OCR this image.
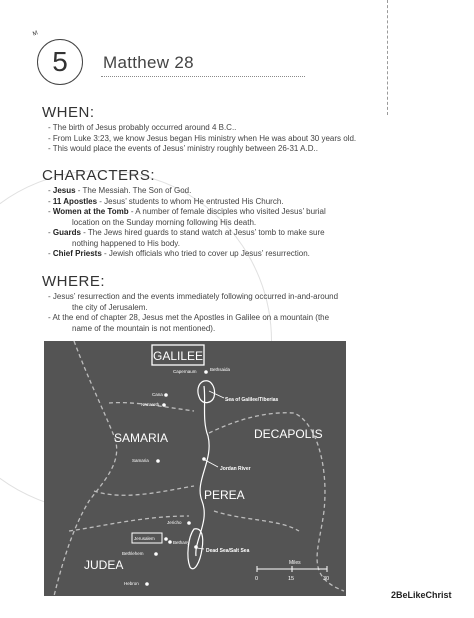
M
5 Matthew 28
WHEN:
- The birth of Jesus probably occurred around 4 B.C..
- From Luke 3:23, we know Jesus began His ministry when He was about 30 years old.
- This would place the events of Jesus’ ministry roughly between 26-31 A.D..
CHARACTERS:
- Jesus - The Messiah. The Son of God.
- 11 Apostles - Jesus’ students to whom He entrusted His Church.
- Women at the Tomb - A number of female disciples who visited Jesus’ burial
location on the Sunday morning following His death.
- Guards - The Jews hired guards to stand watch at Jesus’ tomb to make sure
nothing happened to His body.
- Chief Priests - Jewish officials who tried to cover up Jesus’ resurrection.
WHERE:
- Jesus’ resurrection and the events immediately following occurred in-and-around
the city of Jerusalem.
- At the end of chapter 28, Jesus met the Apostles in Galilee on a mountain (the
name of the mountain is not mentioned).
GALILEE
SAMARIA	DECAPOLIS
PEREA
JUDEA
Capernaum	Bethsaida
Cana
Nazareth
Sea of Galilee/Tiberias
Samaria
Jordan River
Jericho
Jerusalem
Bethany
Dead Sea/Salt Sea
Bethlehem
Hebron
Miles
0	15	30
2BeLikeChrist
